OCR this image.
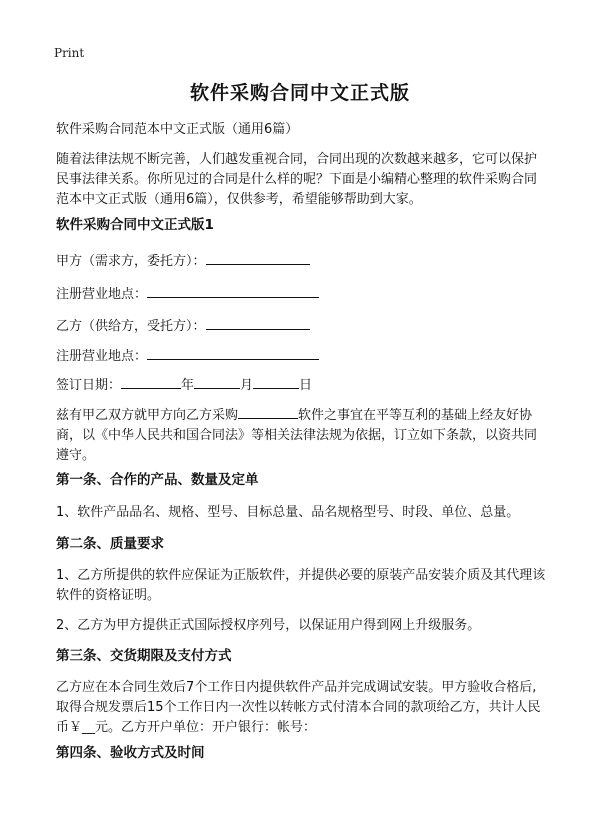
Print
软件采购合同中文正式版
软件采购合同范本中文正式版（通用6篇）
随着法律法规不断完善，人们越发重视合同，合同出现的次数越来越多，它可以保护民事法律关系。你所见过的合同是什么样的呢？下面是小编精心整理的软件采购合同范本中文正式版（通用6篇），仅供参考，希望能够帮助到大家。
软件采购合同中文正式版1
甲方（需求方，委托方）：
注册营业地点：
乙方（供给方，受托方）：
注册营业地点：
签订日期：	年	月	日
兹有甲乙双方就甲方向乙方采购	软件之事宜在平等互利的基础上经友好协商，以《中华人民共和国合同法》等相关法律法规为依据，订立如下条款，以资共同遵守。
第一条、合作的产品、数量及定单
1、软件产品品名、规格、型号、目标总量、品名规格型号、时段、单位、总量。
第二条、质量要求
1、乙方所提供的软件应保证为正版软件，并提供必要的原装产品安装介质及其代理该软件的资格证明。
2、乙方为甲方提供正式国际授权序列号，以保证用户得到网上升级服务。
第三条、交货期限及支付方式
乙方应在本合同生效后7个工作日内提供软件产品并完成调试安装。甲方验收合格后,取得合规发票后15个工作日内一次性以转帐方式付清本合同的款项给乙方，共计人民币￥__元。乙方开户单位：开户银行：帐号：
第四条、验收方式及时间
